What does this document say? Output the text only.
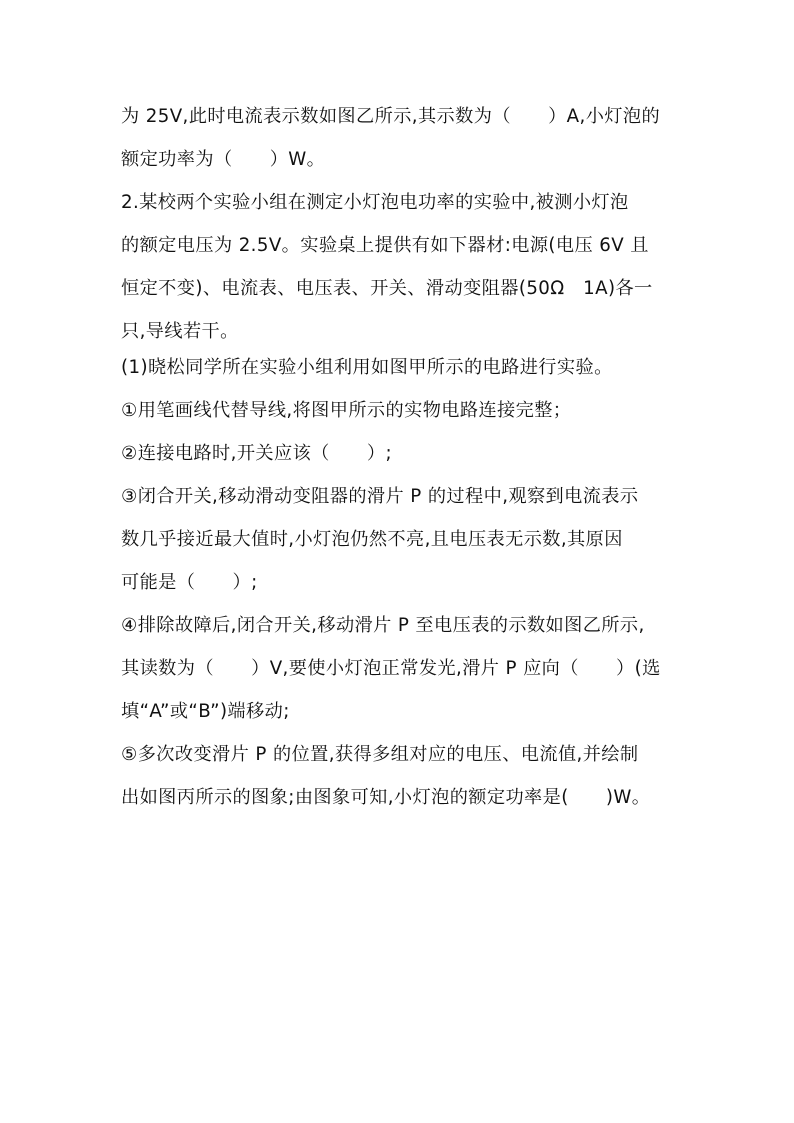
为 25V,此时电流表示数如图乙所示,其示数为（　　）A,小灯泡的
额定功率为（　　）W。
2.某校两个实验小组在测定小灯泡电功率的实验中,被测小灯泡
的额定电压为 2.5V。实验桌上提供有如下器材:电源(电压 6V 且
恒定不变)、电流表、电压表、开关、滑动变阻器(50Ω　1A)各一
只,导线若干。
(1)晓松同学所在实验小组利用如图甲所示的电路进行实验。
①用笔画线代替导线,将图甲所示的实物电路连接完整；
②连接电路时,开关应该（　　）;
③闭合开关,移动滑动变阻器的滑片 P 的过程中,观察到电流表示
数几乎接近最大值时,小灯泡仍然不亮,且电压表无示数,其原因
可能是（　　）;
④排除故障后,闭合开关,移动滑片 P 至电压表的示数如图乙所示,
其读数为（　　）V,要使小灯泡正常发光,滑片 P 应向（　　）(选
填“A”或“B”)端移动;
⑤多次改变滑片 P 的位置,获得多组对应的电压、电流值,并绘制
出如图丙所示的图象;由图象可知,小灯泡的额定功率是(　　)W。
